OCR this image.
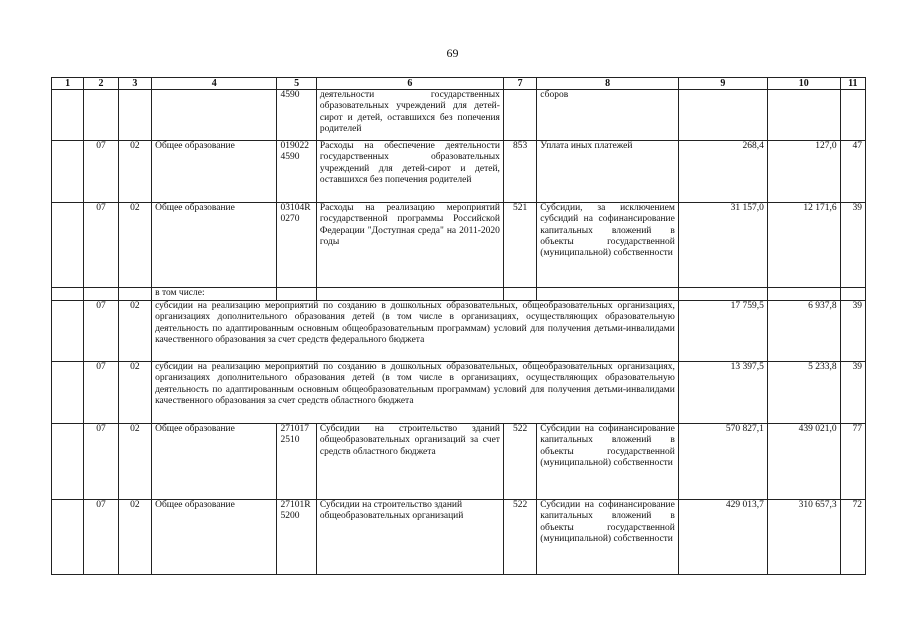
69
1	2	3	4	5	6	7	8	9	10	11

				4590	деятельности государственных образовательных учреждений для детей-сирот и детей, оставшихся без попечения родителей		сборов			
	07	02	Общее образование	019022 4590	Расходы на обеспечение деятельности государственных образовательных учреждений для детей-сирот и детей, оставшихся без попечения родителей	853	Уплата иных платежей	268,4	127,0	47
	07	02	Общее образование	03104R 0270	Расходы на реализацию мероприятий государственной программы Российской Федерации "Доступная среда" на 2011-2020 годы	521	Субсидии, за исключением субсидий на софинансирование капитальных вложений в объекты государственной (муниципальной) собственности	31 157,0	12 171,6	39
			в том числе:							
	07	02	субсидии на реализацию мероприятий по созданию в дошкольных образовательных, общеобразовательных организациях, организациях дополнительного образования детей (в том числе в организациях, осуществляющих образовательную деятельность по адаптированным основным общеобразовательным программам) условий для получения детьми-инвалидами качественного образования за счет средств федерального бюджета					17 759,5	6 937,8	39
	07	02	субсидии на реализацию мероприятий по созданию в дошкольных образовательных, общеобразовательных организациях, организациях дополнительного образования детей (в том числе в организациях, осуществляющих образовательную деятельность по адаптированным основным общеобразовательным программам) условий для получения детьми-инвалидами качественного образования за счет средств областного бюджета					13 397,5	5 233,8	39
	07	02	Общее образование	271017 2510	Субсидии на строительство зданий общеобразовательных организаций за счет средств областного бюджета	522	Субсидии на софинансирование капитальных вложений в объекты государственной (муниципальной) собственности	570 827,1	439 021,0	77
	07	02	Общее образование	27101R 5200	Субсидии на строительство зданий общеобразовательных организаций	522	Субсидии на софинансирование капитальных вложений в объекты государственной (муниципальной) собственности	429 013,7	310 657,3	72
